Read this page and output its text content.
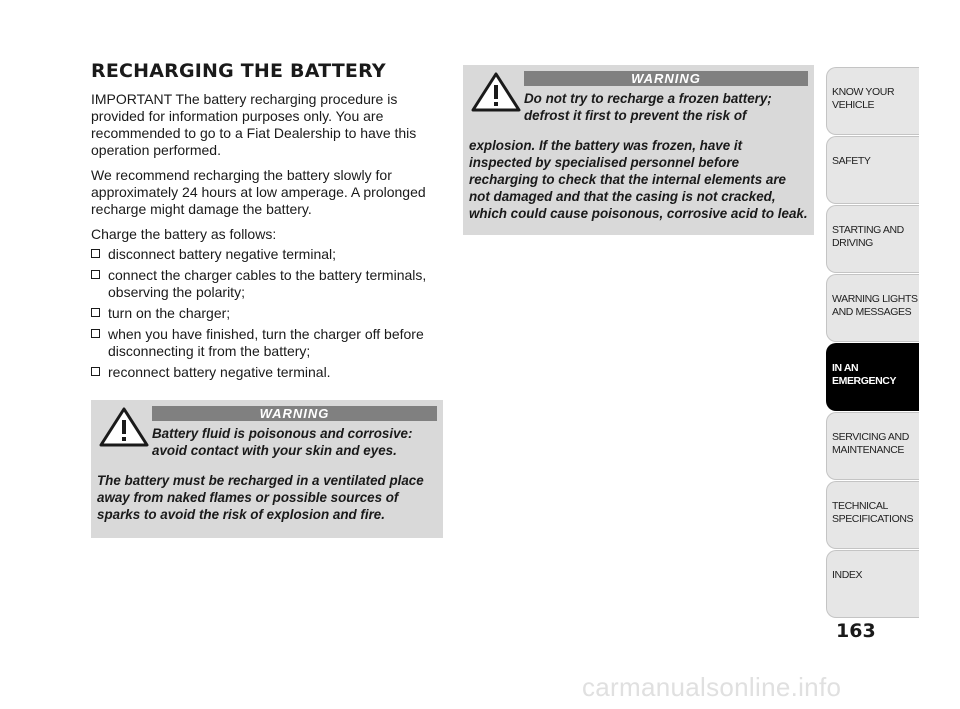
RECHARGING THE BATTERY

IMPORTANT The battery recharging procedure is provided for information purposes only. You are recommended to go to a Fiat Dealership to have this operation performed.

We recommend recharging the battery slowly for approximately 24 hours at low amperage. A prolonged recharge might damage the battery.

Charge the battery as follows:

disconnect battery negative terminal;
connect the charger cables to the battery terminals, observing the polarity;
turn on the charger;
when you have finished, turn the charger off before disconnecting it from the battery;
reconnect battery negative terminal.
WARNING

Battery fluid is poisonous and corrosive: avoid contact with your skin and eyes.

The battery must be recharged in a ventilated place away from naked flames or possible sources of sparks to avoid the risk of explosion and fire.

WARNING

Do not try to recharge a frozen battery; defrost it first to prevent the risk of

explosion. If the battery was frozen, have it inspected by specialised personnel before recharging to check that the internal elements are not damaged and that the casing is not cracked, which could cause poisonous, corrosive acid to leak.

KNOW YOUR
VEHICLE
SAFETY
STARTING AND
DRIVING
WARNING LIGHTS
AND MESSAGES
IN AN
EMERGENCY
SERVICING AND
MAINTENANCE
TECHNICAL
SPECIFICATIONS
INDEX
163
carmanualsonline.info
